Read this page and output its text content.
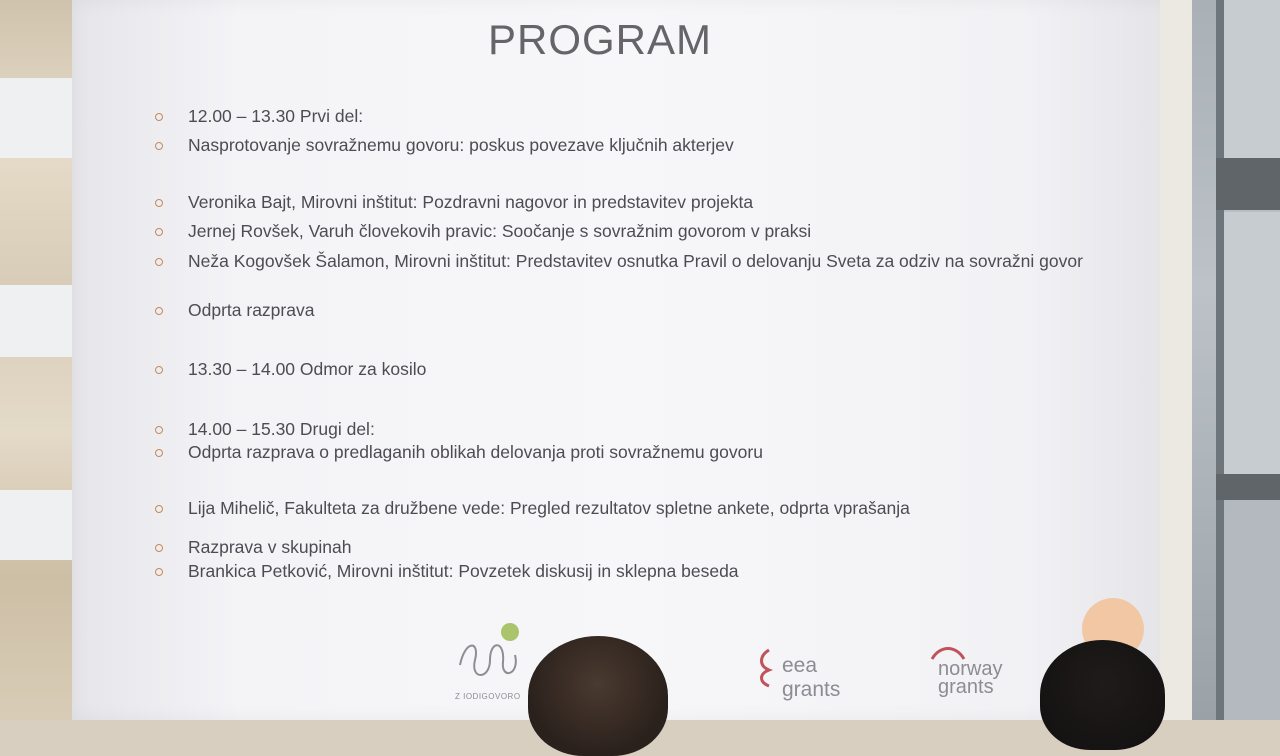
PROGRAM
12.00 – 13.30 Prvi del:
Nasprotovanje sovražnemu govoru: poskus povezave ključnih akterjev
Veronika Bajt, Mirovni inštitut: Pozdravni nagovor in predstavitev projekta
Jernej Rovšek, Varuh človekovih pravic: Soočanje s sovražnim govorom v praksi
Neža Kogovšek Šalamon, Mirovni inštitut: Predstavitev osnutka Pravil o delovanju Sveta za odziv na sovražni govor
Odprta razprava
13.30 – 14.00 Odmor za kosilo
14.00 – 15.30 Drugi del:
Odprta razprava o predlaganih oblikah delovanja proti sovražnemu govoru
Lija Mihelič, Fakulteta za družbene vede: Pregled rezultatov spletne ankete, odprta vprašanja
Razprava v skupinah
Brankica Petković, Mirovni inštitut: Povzetek diskusij in sklepna beseda
Z IODIGOVORO
eea
grants
norway
grants
